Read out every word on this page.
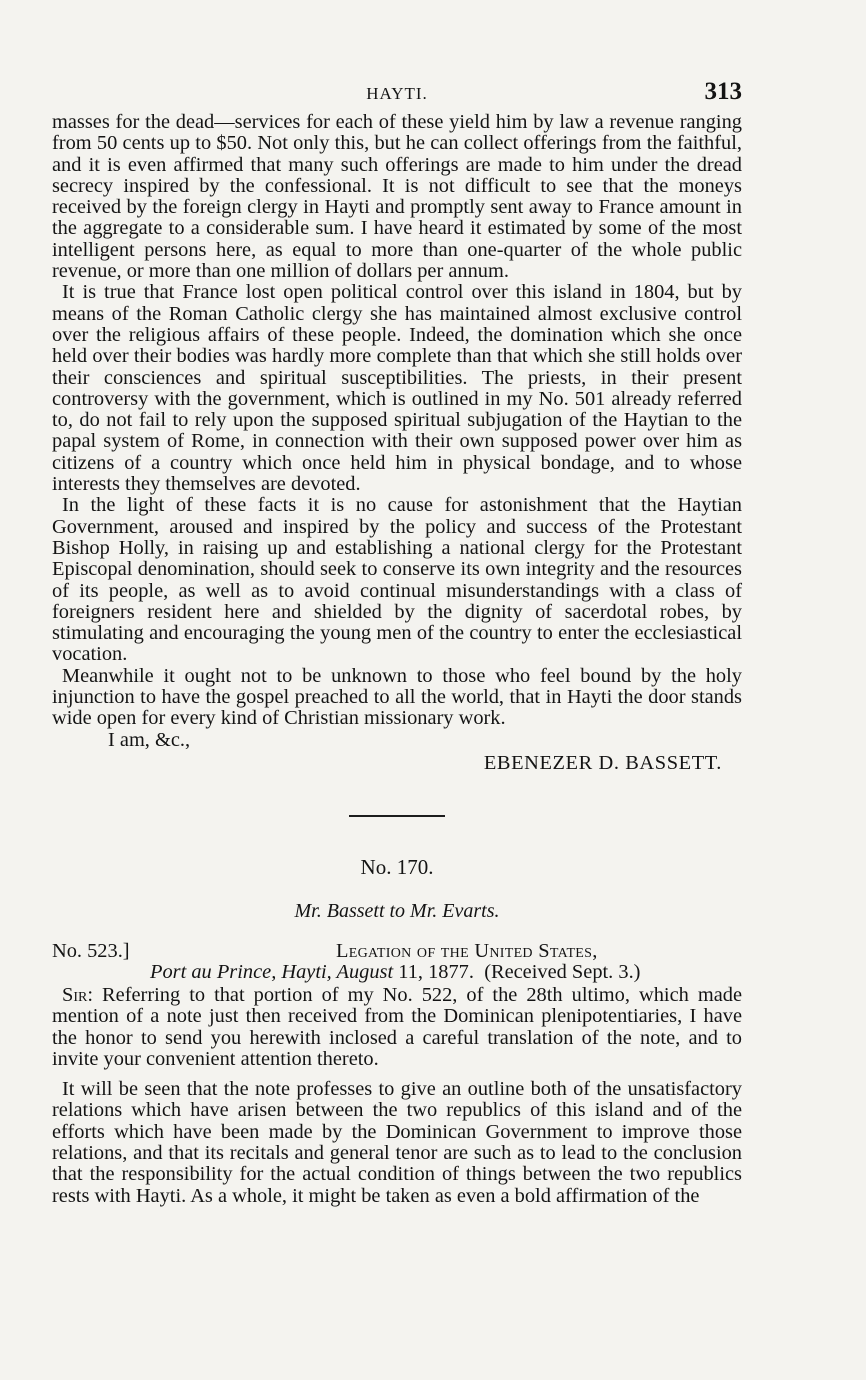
HAYTI.	313

masses for the dead—services for each of these yield him by law a revenue ranging from 50 cents up to $50. Not only this, but he can collect offerings from the faithful, and it is even affirmed that many such offerings are made to him under the dread secrecy inspired by the confessional. It is not difficult to see that the moneys received by the foreign clergy in Hayti and promptly sent away to France amount in the aggregate to a considerable sum. I have heard it estimated by some of the most intelligent persons here, as equal to more than one-quarter of the whole public revenue, or more than one million of dollars per annum.

It is true that France lost open political control over this island in 1804, but by means of the Roman Catholic clergy she has maintained almost exclusive control over the religious affairs of these people. Indeed, the domination which she once held over their bodies was hardly more complete than that which she still holds over their consciences and spiritual susceptibilities. The priests, in their present controversy with the government, which is outlined in my No. 501 already referred to, do not fail to rely upon the supposed spiritual subjugation of the Haytian to the papal system of Rome, in connection with their own supposed power over him as citizens of a country which once held him in physical bondage, and to whose interests they themselves are devoted.

In the light of these facts it is no cause for astonishment that the Haytian Government, aroused and inspired by the policy and success of the Protestant Bishop Holly, in raising up and establishing a national clergy for the Protestant Episcopal denomination, should seek to conserve its own integrity and the resources of its people, as well as to avoid continual misunderstandings with a class of foreigners resident here and shielded by the dignity of sacerdotal robes, by stimulating and encouraging the young men of the country to enter the ecclesiastical vocation.

Meanwhile it ought not to be unknown to those who feel bound by the holy injunction to have the gospel preached to all the world, that in Hayti the door stands wide open for every kind of Christian missionary work.

I am, &c.,

EBENEZER D. BASSETT.

No. 170.
Mr. Bassett to Mr. Evarts.
No. 523.]	Legation of the United States,
Port au Prince, Hayti, August 11, 1877. (Received Sept. 3.)

Sir: Referring to that portion of my No. 522, of the 28th ultimo, which made mention of a note just then received from the Dominican plenipotentiaries, I have the honor to send you herewith inclosed a careful translation of the note, and to invite your convenient attention thereto.

It will be seen that the note professes to give an outline both of the unsatisfactory relations which have arisen between the two republics of this island and of the efforts which have been made by the Dominican Government to improve those relations, and that its recitals and general tenor are such as to lead to the conclusion that the responsibility for the actual condition of things between the two republics rests with Hayti. As a whole, it might be taken as even a bold affirmation of the
